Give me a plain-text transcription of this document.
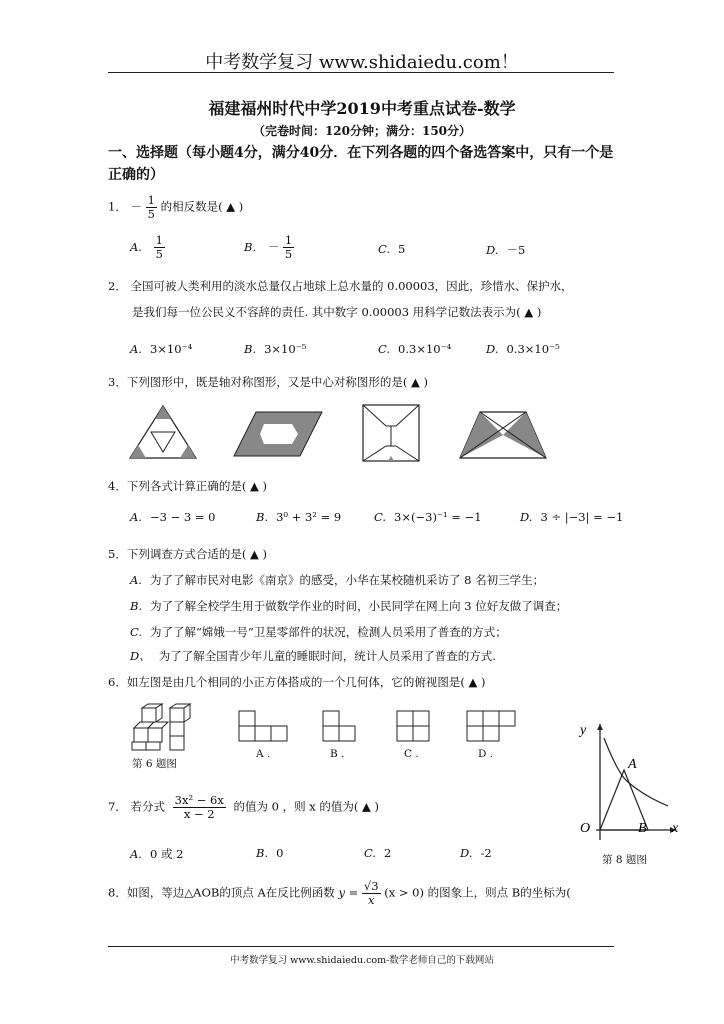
中考数学复习 www.shidaiedu.com！
福建福州时代中学2019中考重点试卷-数学
（完卷时间：120分钟；满分：150分）
一、选择题（每小题4分，满分40分．在下列各题的四个备选答案中，只有一个是正确的）
1． － $\frac{1}{5}$ 的相反数是( ▲ )
A. $\frac{1}{5}$	B. － $\frac{1}{5}$	C. 5	D. －5
2． 全国可被人类利用的淡水总量仅占地球上总水量的 0.00003，因此，珍惜水、保护水，
是我们每一位公民义不容辞的责任. 其中数字 0.00003 用科学记数法表示为( ▲ )
A. 3×10⁻⁴	B. 3×10⁻⁵	C. 0.3×10⁻⁴	D. 0.3×10⁻⁵
3．下列图形中，既是轴对称图形，又是中心对称图形的是( ▲ )
4．下列各式计算正确的是( ▲ )
A. −3 − 3 = 0	B. 3⁰ + 3² = 9	C. 3×(−3)⁻¹ = −1	D. 3 ÷ |−3| = −1
5．下列调查方式合适的是( ▲ )
A. 为了了解市民对电影《南京》的感受，小华在某校随机采访了 8 名初三学生；
B. 为了了解全校学生用于做数学作业的时间，小民同学在网上向 3 位好友做了调查；
C. 为了了解“嫦娥一号”卫星零部件的状况，检测人员采用了普查的方式；
D、 为了了解全国青少年儿童的睡眠时间，统计人员采用了普查的方式.
6．如左图是由几个相同的小正方体搭成的一个几何体，它的俯视图是( ▲ )
第 6 题图
A .	B .	C .	D .
y
x
O
A
B
第 8 题图
7． 若分式 $\frac{\text{3x² − 6x}}{x - 2}$ 的值为 0 ，则 x 的值为( ▲ )
A. 0 或 2	B. 0	C. 2	D. -2
8．如图，等边△AOB的顶点 A在反比例函数 $y = \frac{√3}{x} (x > 0)$ 的图象上，则点 B的坐标为(
中考数学复习 www.shidaiedu.com-数学老师自己的下载网站
